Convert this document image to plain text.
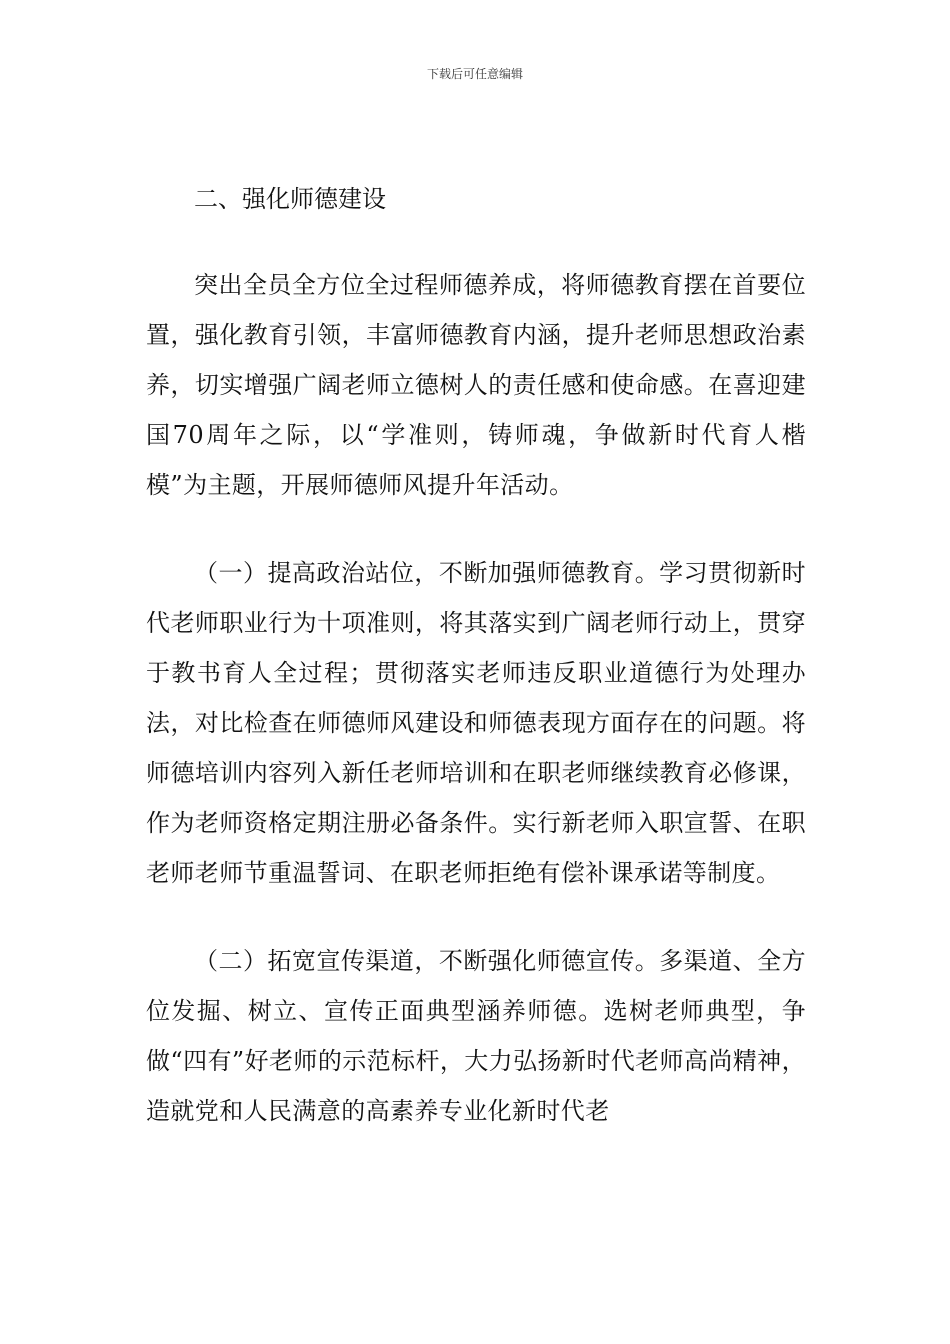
下载后可任意编辑
二、强化师德建设

突出全员全方位全过程师德养成，将师德教育摆在首要位置，强化教育引领，丰富师德教育内涵，提升老师思想政治素养，切实增强广阔老师立德树人的责任感和使命感。在喜迎建国70周年之际，以“学准则，铸师魂，争做新时代育人楷模”为主题，开展师德师风提升年活动。

（一）提高政治站位，不断加强师德教育。学习贯彻新时代老师职业行为十项准则，将其落实到广阔老师行动上，贯穿于教书育人全过程；贯彻落实老师违反职业道德行为处理办法，对比检查在师德师风建设和师德表现方面存在的问题。将师德培训内容列入新任老师培训和在职老师继续教育必修课，作为老师资格定期注册必备条件。实行新老师入职宣誓、在职老师老师节重温誓词、在职老师拒绝有偿补课承诺等制度。

（二）拓宽宣传渠道，不断强化师德宣传。多渠道、全方位发掘、树立、宣传正面典型涵养师德。选树老师典型，争做“四有”好老师的示范标杆，大力弘扬新时代老师高尚精神，造就党和人民满意的高素养专业化新时代老
